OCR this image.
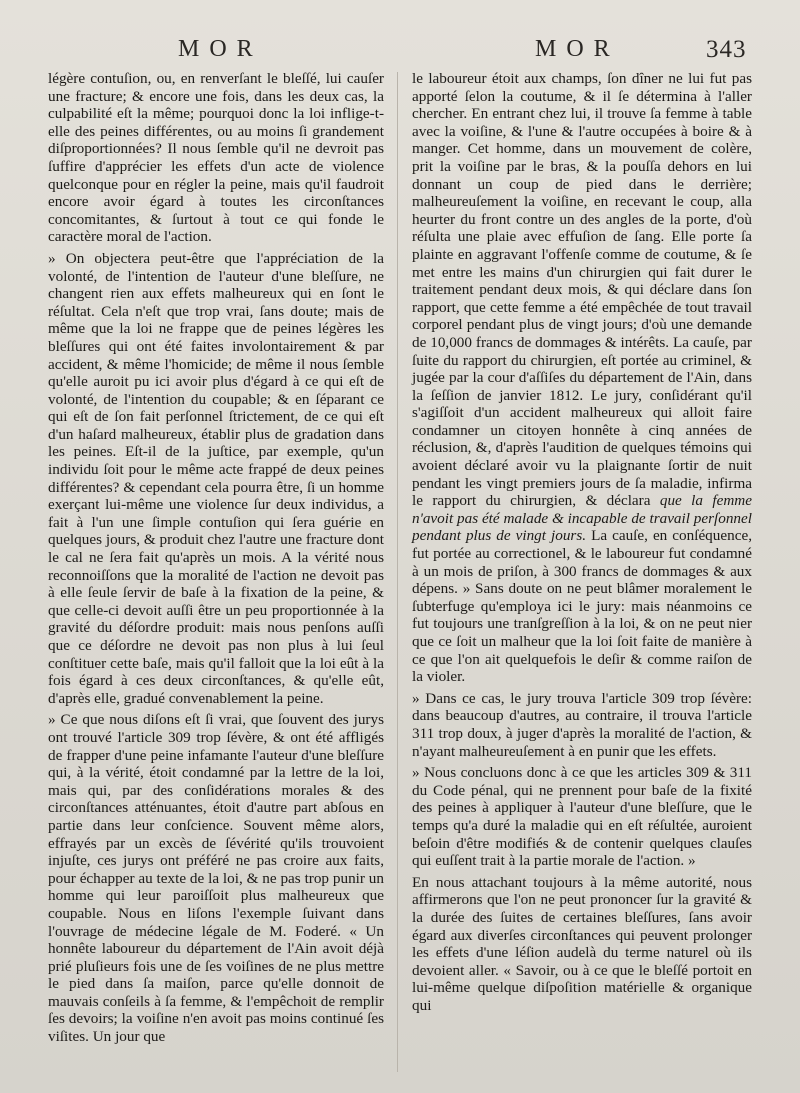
MOR	MOR	343

légère contuſion, ou, en renverſant le bleſſé, lui cauſer une fracture; & encore une fois, dans les deux cas, la culpabilité eſt la même; pourquoi donc la loi inflige-t-elle des peines différentes, ou au moins ſi grandement diſproportionnées? Il nous ſemble qu'il ne devroit pas ſuffire d'apprécier les effets d'un acte de violence quelconque pour en régler la peine, mais qu'il faudroit encore avoir égard à toutes les circonſtances concomitantes, & ſurtout à tout ce qui fonde le caractère moral de l'action.

» On objectera peut-être que l'appréciation de la volonté, de l'intention de l'auteur d'une bleſſure, ne changent rien aux effets malheureux qui en ſont le réſultat. Cela n'eſt que trop vrai, ſans doute; mais de même que la loi ne frappe que de peines légères les bleſſures qui ont été faites involontairement & par accident, & même l'homicide; de même il nous ſemble qu'elle auroit pu ici avoir plus d'égard à ce qui eſt de volonté, de l'intention du coupable; & en ſéparant ce qui eſt de ſon fait perſonnel ſtrictement, de ce qui eſt d'un haſard malheureux, établir plus de gradation dans les peines. Eſt-il de la juſtice, par exemple, qu'un individu ſoit pour le même acte frappé de deux peines différentes? & cependant cela pourra être, ſi un homme exerçant lui-même une violence ſur deux individus, a fait à l'un une ſimple contuſion qui ſera guérie en quelques jours, & produit chez l'autre une fracture dont le cal ne ſera fait qu'après un mois. A la vérité nous reconnoiſſons que la moralité de l'action ne devoit pas à elle ſeule ſervir de baſe à la fixation de la peine, & que celle-ci devoit auſſi être un peu proportionnée à la gravité du déſordre produit: mais nous penſons auſſi que ce déſordre ne devoit pas non plus à lui ſeul conſtituer cette baſe, mais qu'il falloit que la loi eût à la fois égard à ces deux circonſtances, & qu'elle eût, d'après elle, gradué convenablement la peine.

» Ce que nous diſons eſt ſi vrai, que ſouvent des jurys ont trouvé l'article 309 trop ſévère, & ont été affligés de frapper d'une peine infamante l'auteur d'une bleſſure qui, à la vérité, étoit condamné par la lettre de la loi, mais qui, par des conſidérations morales & des circonſtances atténuantes, étoit d'autre part abſous en partie dans leur conſcience. Souvent même alors, effrayés par un excès de ſévérité qu'ils trouvoient injuſte, ces jurys ont préféré ne pas croire aux faits, pour échapper au texte de la loi, & ne pas trop punir un homme qui leur paroiſſoit plus malheureux que coupable. Nous en liſons l'exemple ſuivant dans l'ouvrage de médecine légale de M. Foderé. « Un honnête laboureur du département de l'Ain avoit déjà prié pluſieurs fois une de ſes voiſines de ne plus mettre le pied dans ſa maiſon, parce qu'elle donnoit de mauvais conſeils à ſa femme, & l'empêchoit de remplir ſes devoirs; la voiſine n'en avoit pas moins continué ſes viſites. Un jour que

le laboureur étoit aux champs, ſon dîner ne lui fut pas apporté ſelon la coutume, & il ſe détermina à l'aller chercher. En entrant chez lui, il trouve ſa femme à table avec la voiſine, & l'une & l'autre occupées à boire & à manger. Cet homme, dans un mouvement de colère, prit la voiſine par le bras, & la pouſſa dehors en lui donnant un coup de pied dans le derrière; malheureuſement la voiſine, en recevant le coup, alla heurter du front contre un des angles de la porte, d'où réſulta une plaie avec effuſion de ſang. Elle porte ſa plainte en aggravant l'offenſe comme de coutume, & ſe met entre les mains d'un chirurgien qui fait durer le traitement pendant deux mois, & qui déclare dans ſon rapport, que cette femme a été empêchée de tout travail corporel pendant plus de vingt jours; d'où une demande de 10,000 francs de dommages & intérêts. La cauſe, par ſuite du rapport du chirurgien, eſt portée au criminel, & jugée par la cour d'aſſiſes du département de l'Ain, dans la ſeſſion de janvier 1812. Le jury, conſidérant qu'il s'agiſſoit d'un accident malheureux qui alloit faire condamner un citoyen honnête à cinq années de réclusion, &, d'après l'audition de quelques témoins qui avoient déclaré avoir vu la plaignante ſortir de nuit pendant les vingt premiers jours de ſa maladie, infirma le rapport du chirurgien, & déclara que la femme n'avoit pas été malade & incapable de travail perſonnel pendant plus de vingt jours. La cauſe, en conſéquence, fut portée au correctionel, & le laboureur fut condamné à un mois de priſon, à 300 francs de dommages & aux dépens. » Sans doute on ne peut blâmer moralement le ſubterfuge qu'employa ici le jury: mais néanmoins ce fut toujours une tranſgreſſion à la loi, & on ne peut nier que ce ſoit un malheur que la loi ſoit faite de manière à ce que l'on ait quelquefois le deſir & comme raiſon de la violer.

» Dans ce cas, le jury trouva l'article 309 trop ſévère: dans beaucoup d'autres, au contraire, il trouva l'article 311 trop doux, à juger d'après la moralité de l'action, & n'ayant malheureuſement à en punir que les effets.

» Nous concluons donc à ce que les articles 309 & 311 du Code pénal, qui ne prennent pour baſe de la fixité des peines à appliquer à l'auteur d'une bleſſure, que le temps qu'a duré la maladie qui en eſt réſultée, auroient beſoin d'être modifiés & de contenir quelques clauſes qui euſſent trait à la partie morale de l'action. »

En nous attachant toujours à la même autorité, nous affirmerons que l'on ne peut prononcer ſur la gravité & la durée des ſuites de certaines bleſſures, ſans avoir égard aux diverſes circonſtances qui peuvent prolonger les effets d'une léſion audelà du terme naturel où ils devoient aller. « Savoir, ou à ce que le bleſſé portoit en lui-même quelque diſpoſition matérielle & organique qui
